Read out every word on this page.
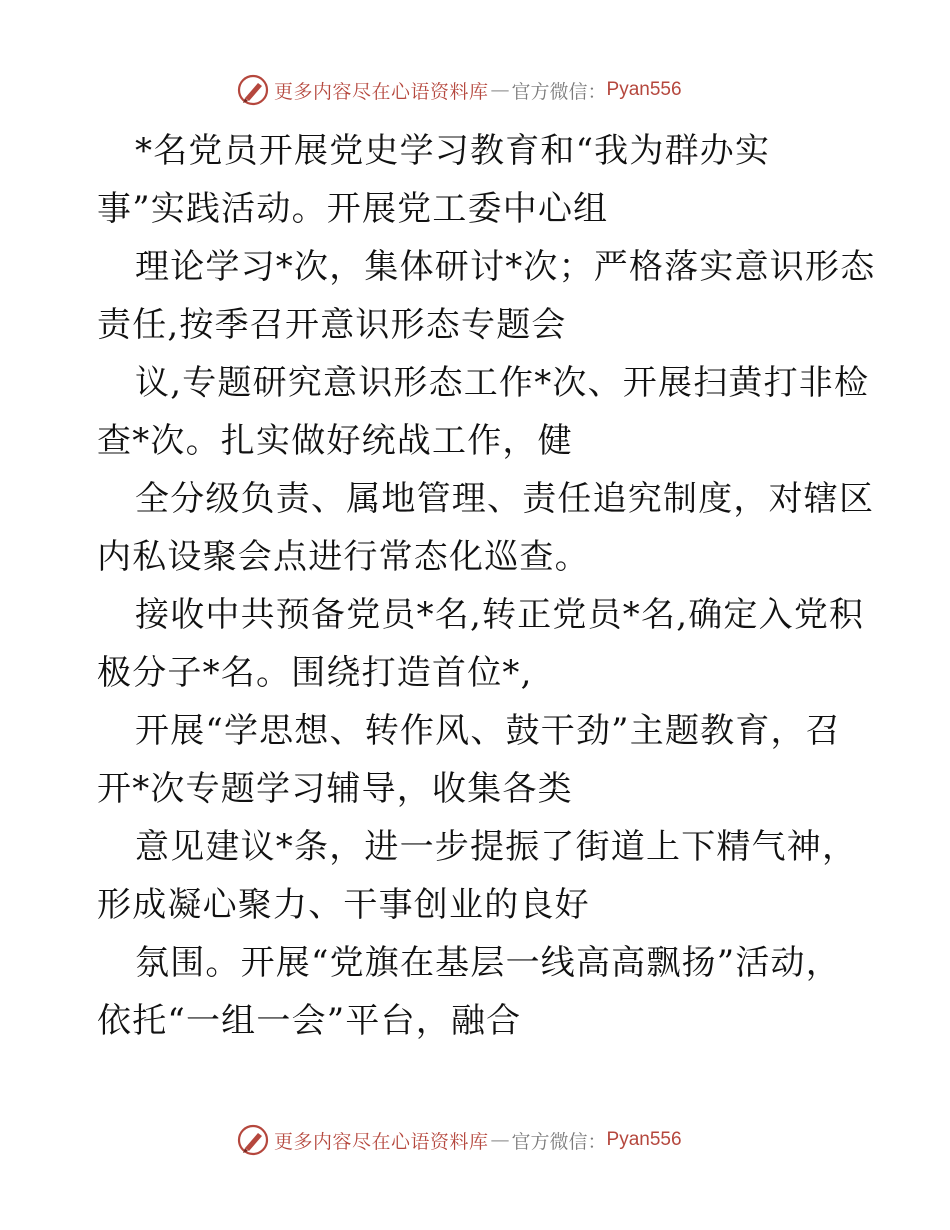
更多内容尽在心语资料库 — 官方微信： Pyan556
*名党员开展党史学习教育和“我为群办实
事”实践活动。开展党工委中心组
理论学习*次，集体研讨*次；严格落实意识形态
责任,按季召开意识形态专题会
议,专题研究意识形态工作*次、开展扫黄打非检
查*次。扎实做好统战工作，健
全分级负责、属地管理、责任追究制度，对辖区
内私设聚会点进行常态化巡查。
接收中共预备党员*名,转正党员*名,确定入党积
极分子*名。围绕打造首位*,
开展“学思想、转作风、鼓干劲”主题教育，召
开*次专题学习辅导，收集各类
意见建议*条，进一步提振了街道上下精气神，
形成凝心聚力、干事创业的良好
氛围。开展“党旗在基层一线高高飘扬”活动，
依托“一组一会”平台，融合
更多内容尽在心语资料库 — 官方微信： Pyan556
